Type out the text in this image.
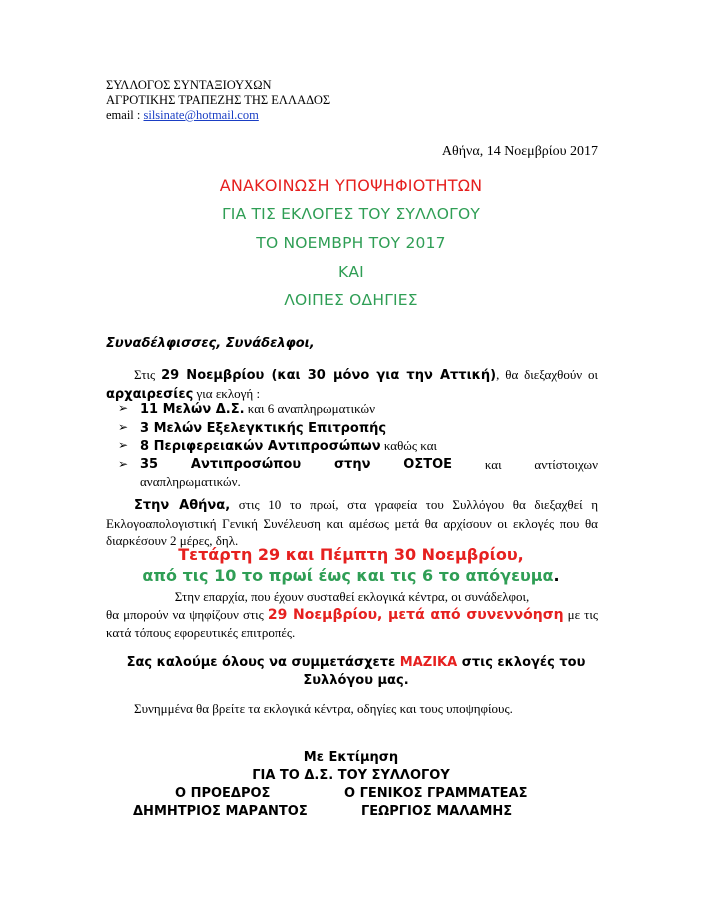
ΣΥΛΛΟΓΟΣ ΣΥΝΤΑΞΙΟΥΧΩΝ
ΑΓΡΟΤΙΚΗΣ ΤΡΑΠΕΖΗΣ ΤΗΣ ΕΛΛΑΔΟΣ
email : silsinate@hotmail.com
Αθήνα, 14 Νοεμβρίου 2017
ΑΝΑΚΟΙΝΩΣΗ ΥΠΟΨΗΦΙΟΤΗΤΩΝ
ΓΙΑ ΤΙΣ ΕΚΛΟΓΕΣ ΤΟΥ ΣΥΛΛΟΓΟΥ
ΤΟ ΝΟΕΜΒΡΗ ΤΟΥ 2017
ΚΑΙ
ΛΟΙΠΕΣ ΟΔΗΓΙΕΣ
Συναδέλφισσες, Συνάδελφοι,
Στις 29 Νοεμβρίου (και 30 μόνο για την Αττική), θα διεξαχθούν οι αρχαιρεσίες για εκλογή :
➢ 11 Μελών Δ.Σ. και 6 αναπληρωματικών
➢ 3 Μελών Εξελεγκτικής Επιτροπής
➢ 8 Περιφερειακών Αντιπροσώπων καθώς και
➢ 35	Αντιπροσώπου	στην	ΟΣΤΟΕ	και	αντίστοιχων
αναπληρωματικών.
Στην Αθήνα, στις 10 το πρωί, στα γραφεία του Συλλόγου θα διεξαχθεί η Εκλογοαπολογιστική Γενική Συνέλευση και αμέσως μετά θα αρχίσουν οι εκλογές που θα διαρκέσουν 2 μέρες, δηλ.
Τετάρτη 29 και Πέμπτη 30 Νοεμβρίου,
από τις 10 το πρωί έως και τις 6 το απόγευμα.
Στην επαρχία, που έχουν συσταθεί εκλογικά κέντρα, οι συνάδελφοι,
θα μπορούν να ψηφίζουν στις 29 Νοεμβρίου, μετά από συνεννόηση με τις κατά τόπους εφορευτικές επιτροπές.
Σας καλούμε όλους να συμμετάσχετε ΜΑΖΙΚΑ στις εκλογές του Συλλόγου μας.
Συνημμένα θα βρείτε τα εκλογικά κέντρα, οδηγίες και τους υποψηφίους.
Με Εκτίμηση
ΓΙΑ ΤΟ Δ.Σ. ΤΟΥ ΣΥΛΛΟΓΟΥ
Ο ΠΡΟΕΔΡΟΣ	Ο ΓΕΝΙΚΟΣ ΓΡΑΜΜΑΤΕΑΣ
ΔΗΜΗΤΡΙΟΣ ΜΑΡΑΝΤΟΣ	ΓΕΩΡΓΙΟΣ ΜΑΛΑΜΗΣ
